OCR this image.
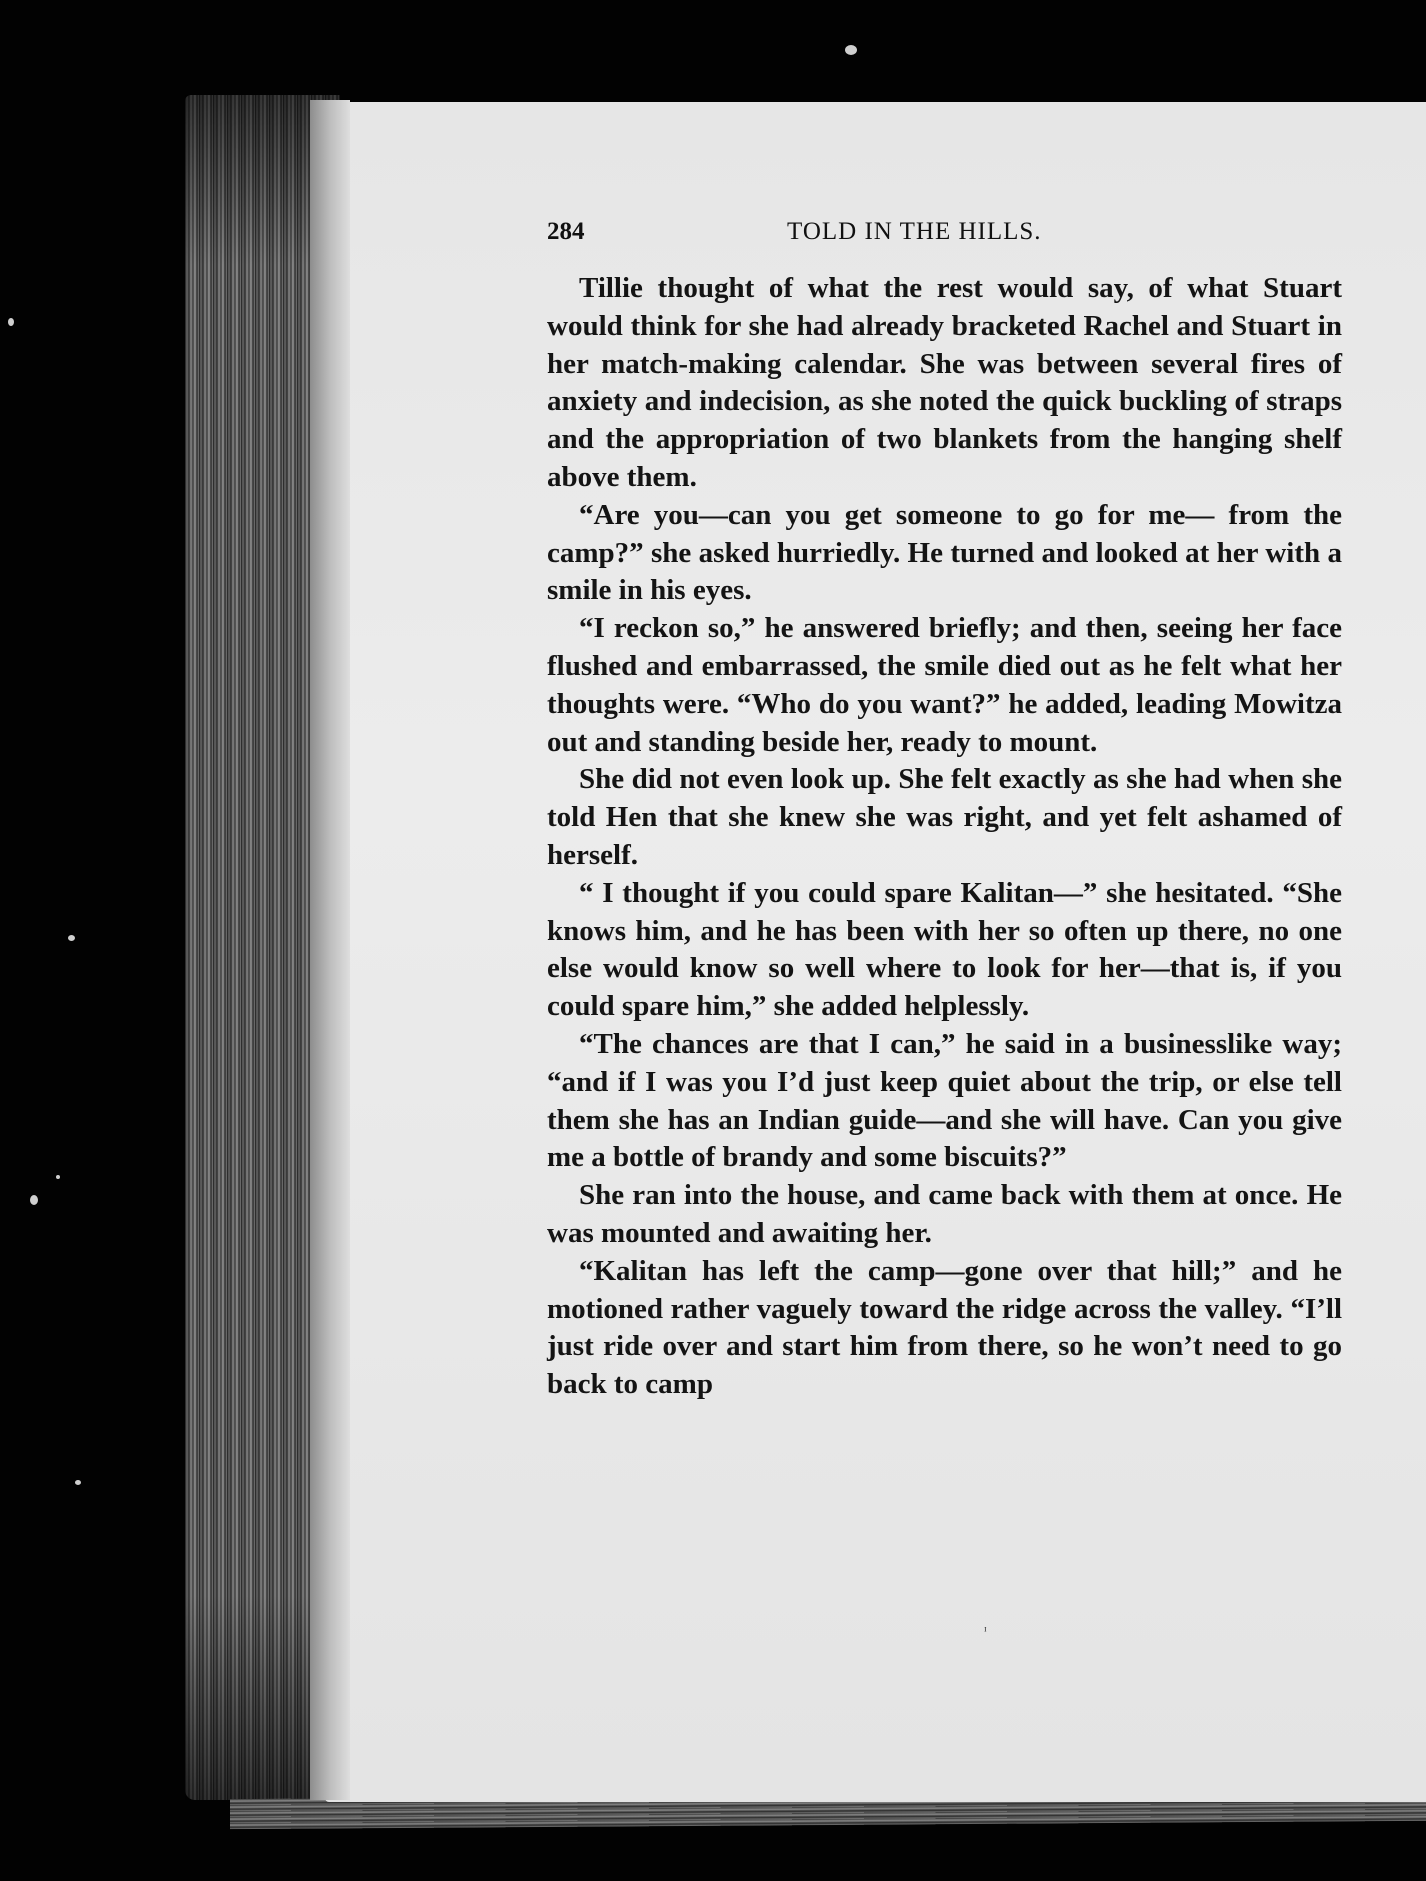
284	TOLD IN THE HILLS.

Tillie thought of what the rest would say, of what Stuart would think for she had already bracketed Rachel and Stuart in her match-making calendar. She was between several fires of anxiety and indecision, as she noted the quick buckling of straps and the appropriation of two blankets from the hanging shelf above them.

“Are you—can you get someone to go for me— from the camp?” she asked hurriedly. He turned and looked at her with a smile in his eyes.

“I reckon so,” he answered briefly; and then, seeing her face flushed and embarrassed, the smile died out as he felt what her thoughts were. “Who do you want?” he added, leading Mowitza out and standing beside her, ready to mount.

She did not even look up. She felt exactly as she had when she told Hen that she knew she was right, and yet felt ashamed of herself.

“ I thought if you could spare Kalitan—” she hesitated. “She knows him, and he has been with her so often up there, no one else would know so well where to look for her—that is, if you could spare him,” she added helplessly.

“The chances are that I can,” he said in a businesslike way; “and if I was you I’d just keep quiet about the trip, or else tell them she has an Indian guide—and she will have. Can you give me a bottle of brandy and some biscuits?”

She ran into the house, and came back with them at once. He was mounted and awaiting her.

“Kalitan has left the camp—gone over that hill;” and he motioned rather vaguely toward the ridge across the valley. “I’ll just ride over and start him from there, so he won’t need to go back to camp

ᶦ
